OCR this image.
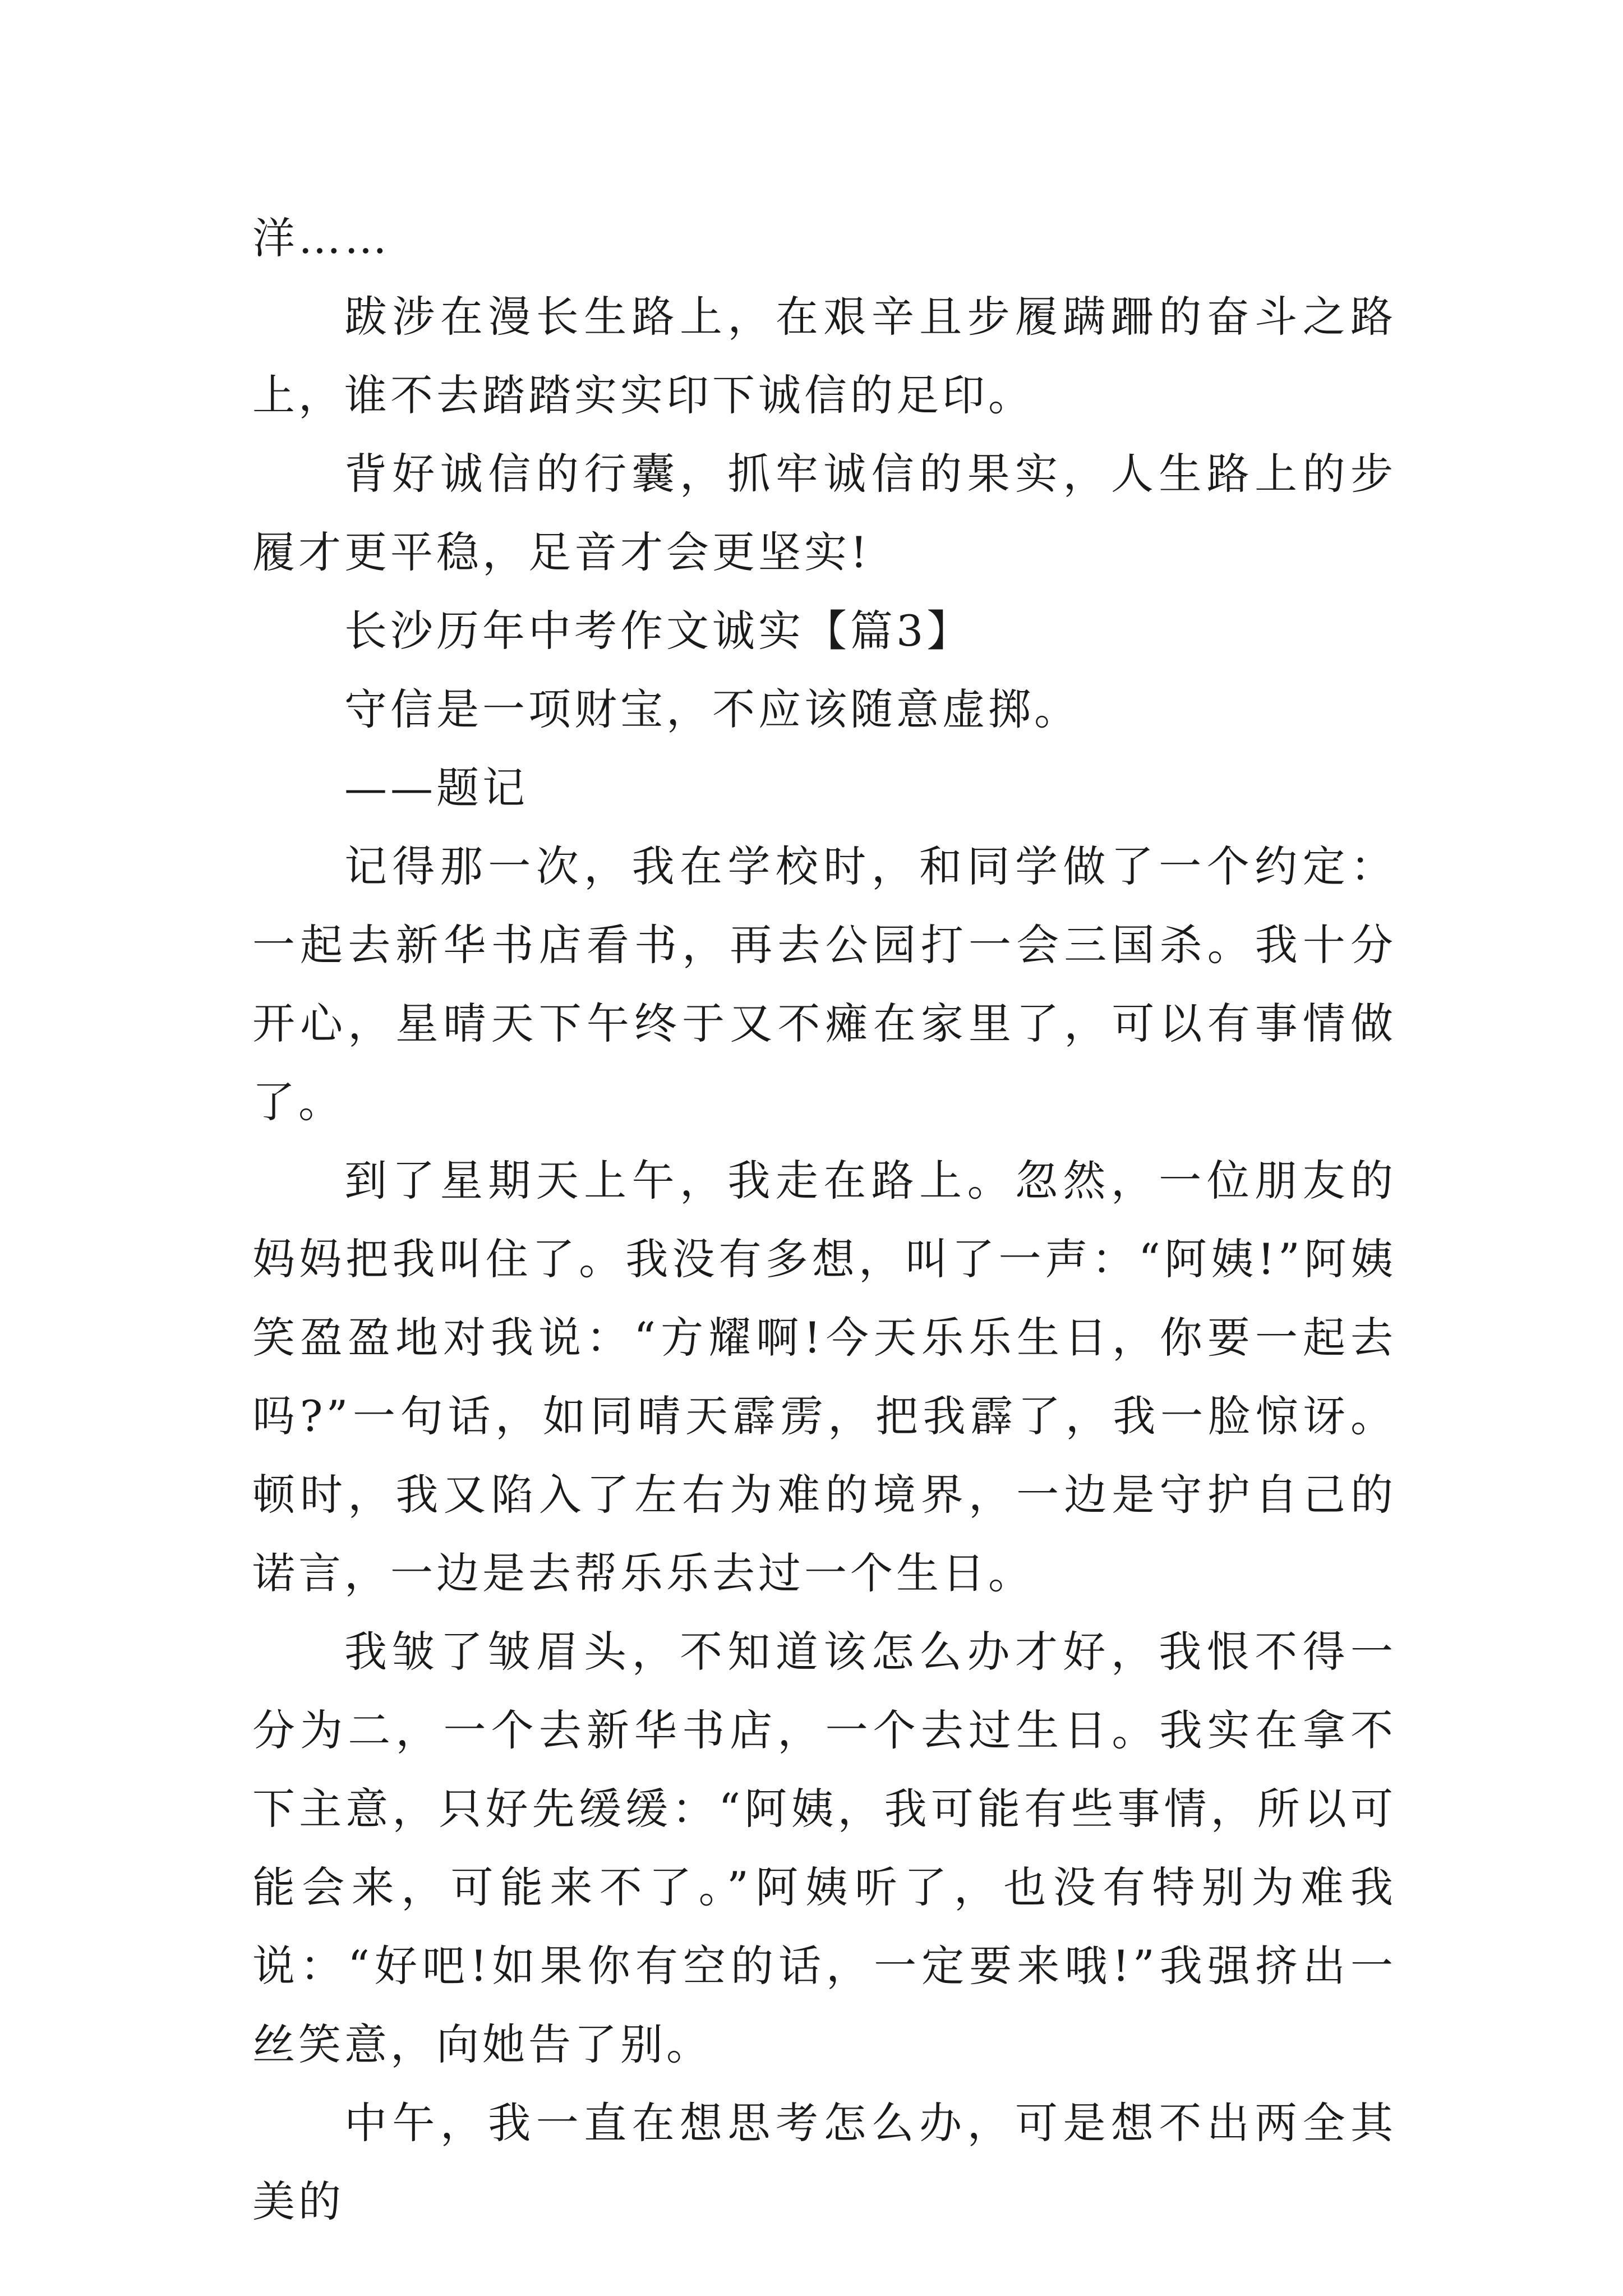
洋……

跋涉在漫长生路上，在艰辛且步履蹒跚的奋斗之路上，谁不去踏踏实实印下诚信的足印。

背好诚信的行囊，抓牢诚信的果实，人生路上的步履才更平稳，足音才会更坚实!

长沙历年中考作文诚实【篇3】

守信是一项财宝，不应该随意虚掷。

——题记

记得那一次，我在学校时，和同学做了一个约定：一起去新华书店看书，再去公园打一会三国杀。我十分开心，星晴天下午终于又不瘫在家里了，可以有事情做了。

到了星期天上午，我走在路上。忽然，一位朋友的妈妈把我叫住了。我没有多想，叫了一声：“阿姨!”阿姨笑盈盈地对我说：“方耀啊!今天乐乐生日，你要一起去吗?”一句话，如同晴天霹雳，把我霹了，我一脸惊讶。顿时，我又陷入了左右为难的境界，一边是守护自己的诺言，一边是去帮乐乐去过一个生日。

我皱了皱眉头，不知道该怎么办才好，我恨不得一分为二，一个去新华书店，一个去过生日。我实在拿不下主意，只好先缓缓：“阿姨，我可能有些事情，所以可能会来，可能来不了。”阿姨听了，也没有特别为难我说：“好吧!如果你有空的话，一定要来哦!”我强挤出一丝笑意，向她告了别。

中午，我一直在想思考怎么办，可是想不出两全其美的
